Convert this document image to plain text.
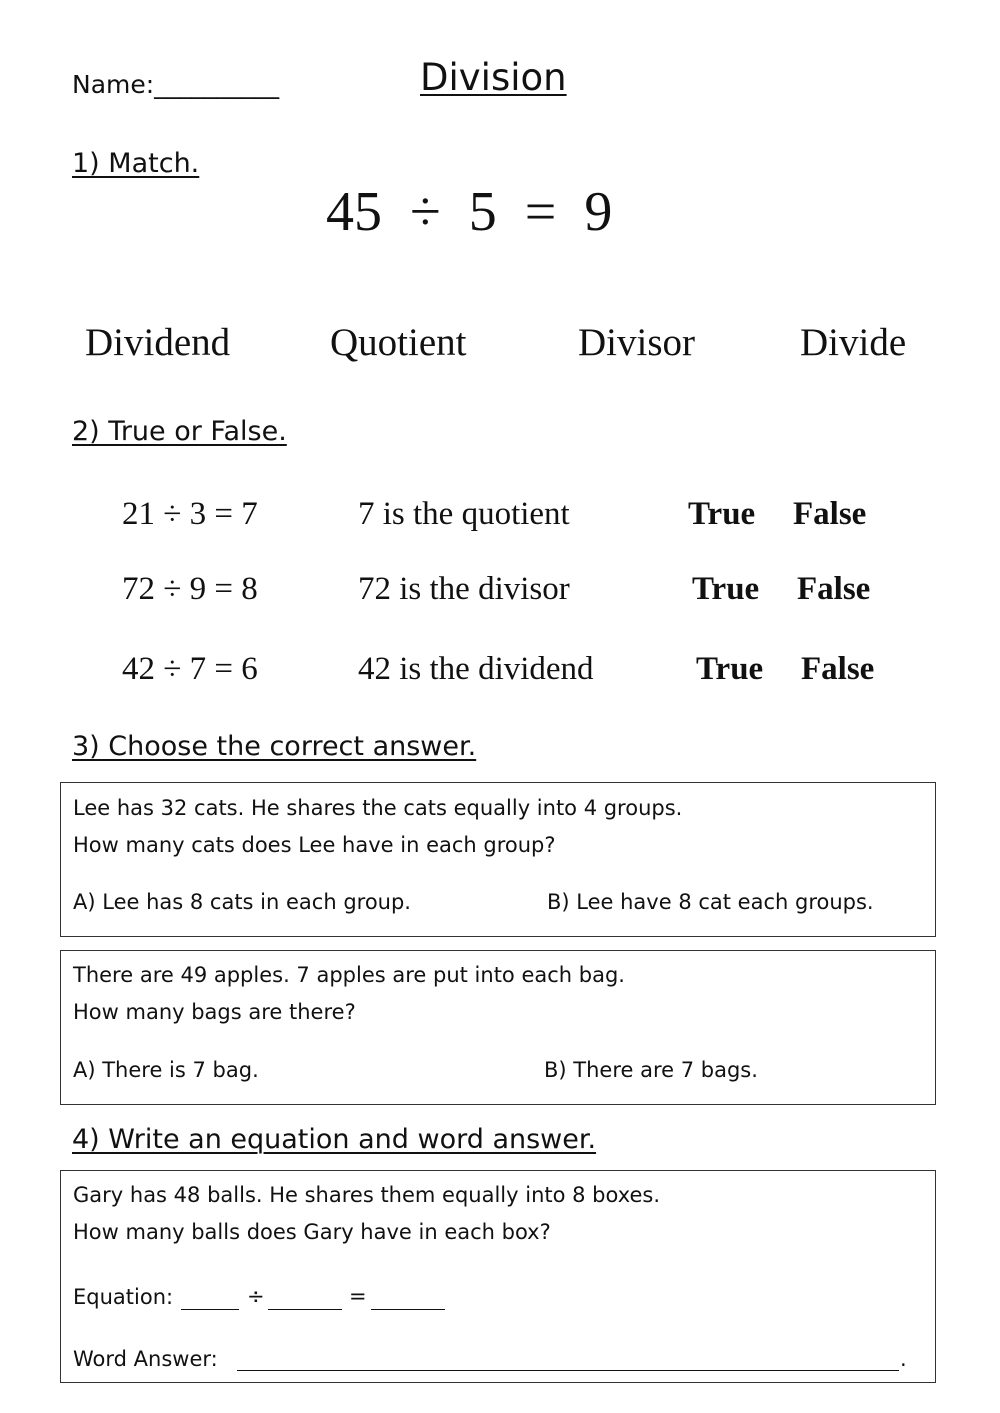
Name:__________	Division
1) Match.
45 ÷ 5 = 9
Dividend	Quotient	Divisor	Divide
2) True or False.
21 ÷ 3 = 7	7 is the quotient	True False
72 ÷ 9 = 8	72 is the divisor	True False
42 ÷ 7 = 6	42 is the dividend	True False
3) Choose the correct answer.
Lee has 32 cats. He shares the cats equally into 4 groups.
How many cats does Lee have in each group?
A) Lee has 8 cats in each group.	B) Lee have 8 cat each groups.
There are 49 apples. 7 apples are put into each bag.
How many bags are there?
A) There is 7 bag.	B) There are 7 bags.
4) Write an equation and word answer.
Gary has 48 balls. He shares them equally into 8 boxes.
How many balls does Gary have in each box?
Equation:	÷	=
Word Answer:	.
